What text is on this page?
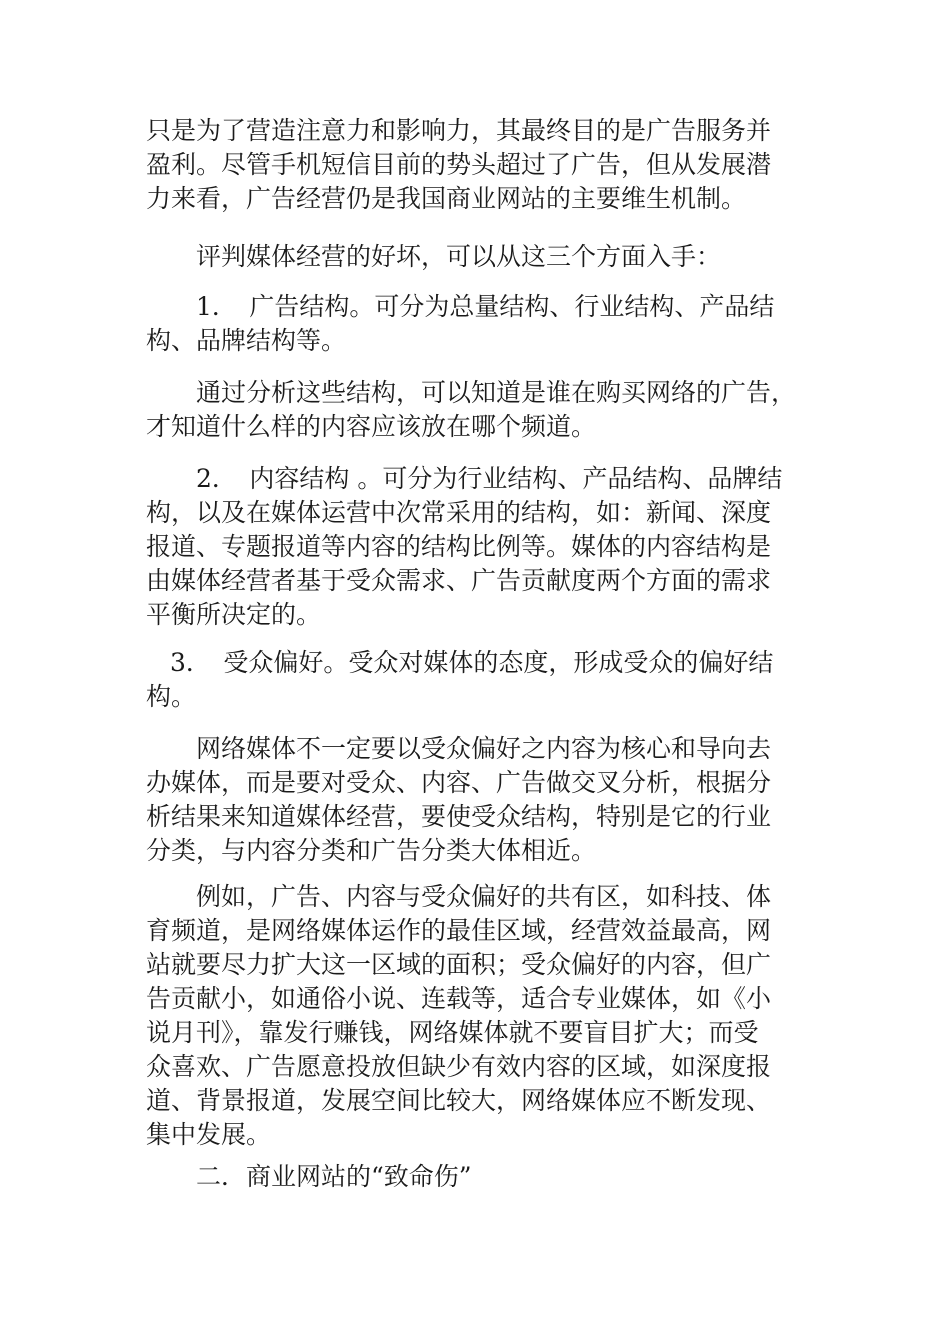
只是为了营造注意力和影响力，其最终目的是广告服务并
盈利。尽管手机短信目前的势头超过了广告，但从发展潜
力来看，广告经营仍是我国商业网站的主要维生机制。
评判媒体经营的好坏，可以从这三个方面入手：
1．　广告结构。可分为总量结构、行业结构、产品结
构、品牌结构等。
通过分析这些结构，可以知道是谁在购买网络的广告，
才知道什么样的内容应该放在哪个频道。
2．　内容结构 。可分为行业结构、产品结构、品牌结
构，以及在媒体运营中次常采用的结构，如：新闻、深度
报道、专题报道等内容的结构比例等。媒体的内容结构是
由媒体经营者基于受众需求、广告贡献度两个方面的需求
平衡所决定的。
3．　受众偏好。受众对媒体的态度，形成受众的偏好结
构。
网络媒体不一定要以受众偏好之内容为核心和导向去
办媒体，而是要对受众、内容、广告做交叉分析，根据分
析结果来知道媒体经营，要使受众结构，特别是它的行业
分类，与内容分类和广告分类大体相近。
例如，广告、内容与受众偏好的共有区，如科技、体
育频道，是网络媒体运作的最佳区域，经营效益最高，网
站就要尽力扩大这一区域的面积；受众偏好的内容，但广
告贡献小，如通俗小说、连载等，适合专业媒体，如《小
说月刊》，靠发行赚钱，网络媒体就不要盲目扩大；而受
众喜欢、广告愿意投放但缺少有效内容的区域，如深度报
道、背景报道，发展空间比较大，网络媒体应不断发现、
集中发展。
二．商业网站的“致命伤”
